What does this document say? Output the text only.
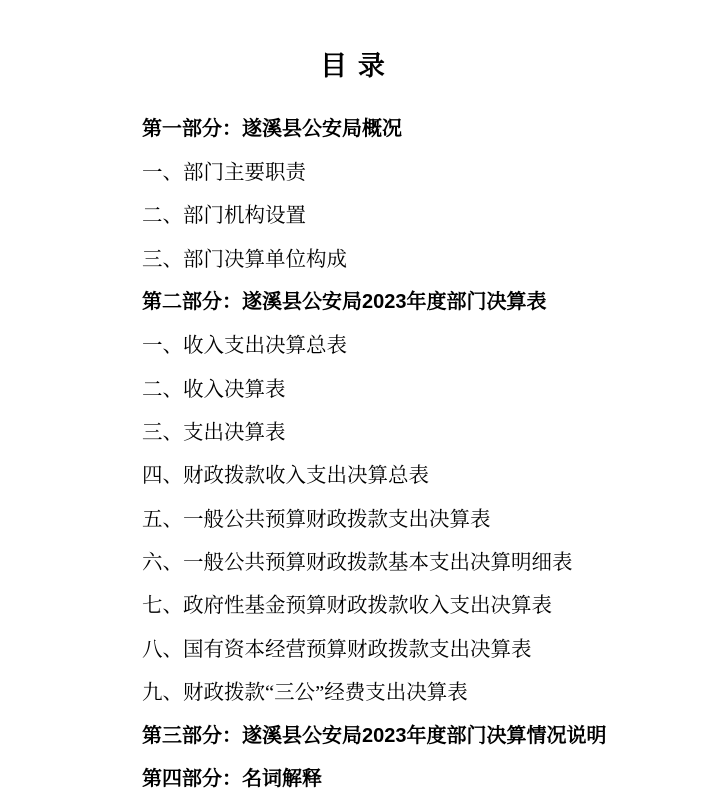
目 录
第一部分：遂溪县公安局概况
一、部门主要职责
二、部门机构设置
三、部门决算单位构成
第二部分：遂溪县公安局2023年度部门决算表
一、收入支出决算总表
二、收入决算表
三、支出决算表
四、财政拨款收入支出决算总表
五、一般公共预算财政拨款支出决算表
六、一般公共预算财政拨款基本支出决算明细表
七、政府性基金预算财政拨款收入支出决算表
八、国有资本经营预算财政拨款支出决算表
九、财政拨款“三公”经费支出决算表
第三部分：遂溪县公安局2023年度部门决算情况说明
第四部分：名词解释
